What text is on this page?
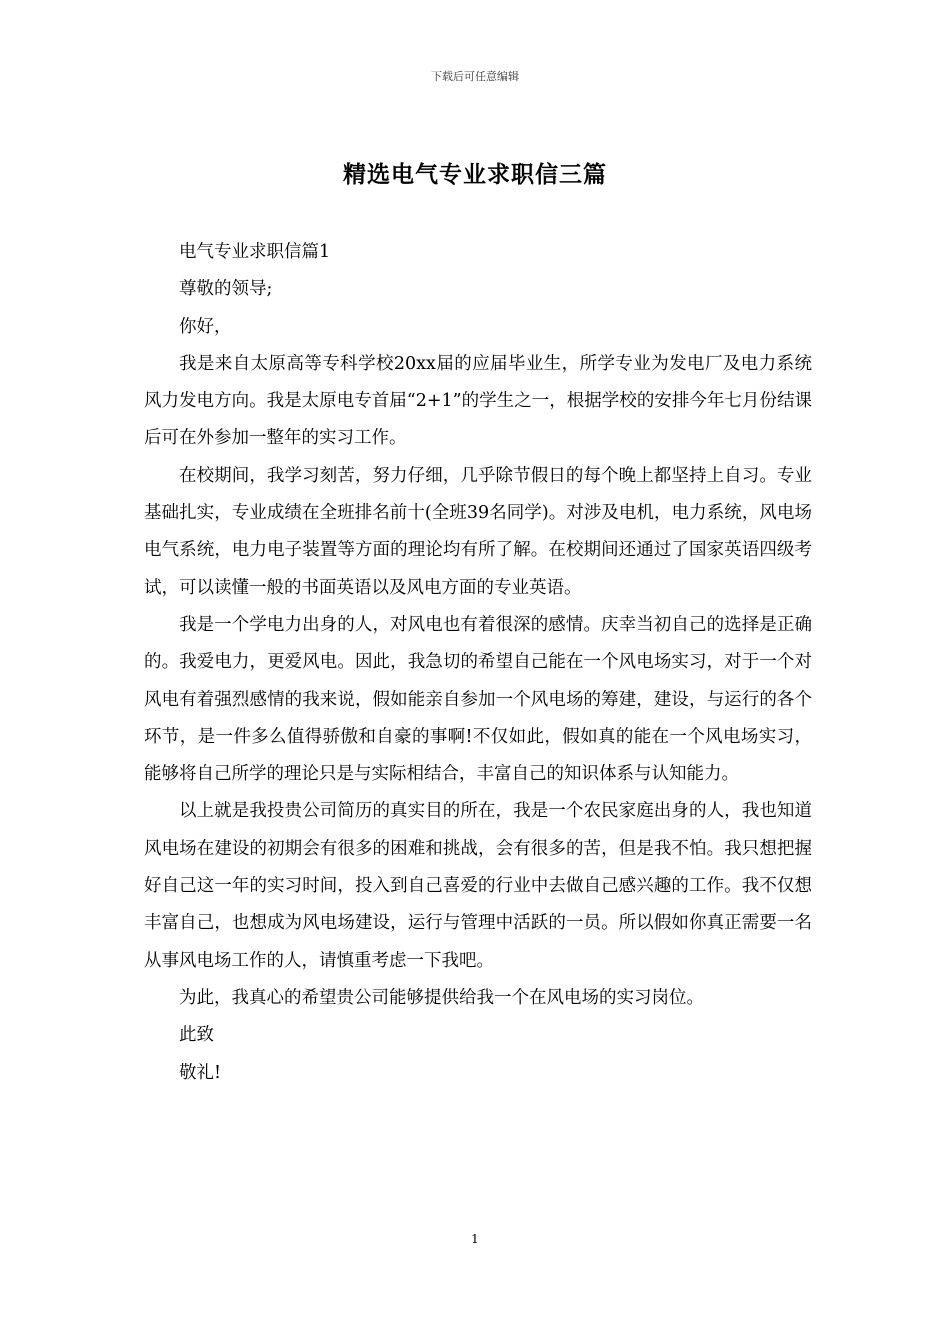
下载后可任意编辑
精选电气专业求职信三篇

电气专业求职信篇1

尊敬的领导;

你好，

我是来自太原高等专科学校20xx届的应届毕业生，所学专业为发电厂及电力系统风力发电方向。我是太原电专首届“2+1”的学生之一，根据学校的安排今年七月份结课后可在外参加一整年的实习工作。

在校期间，我学习刻苦，努力仔细，几乎除节假日的每个晚上都坚持上自习。专业基础扎实，专业成绩在全班排名前十(全班39名同学)。对涉及电机，电力系统，风电场电气系统，电力电子装置等方面的理论均有所了解。在校期间还通过了国家英语四级考试，可以读懂一般的书面英语以及风电方面的专业英语。

我是一个学电力出身的人，对风电也有着很深的感情。庆幸当初自己的选择是正确的。我爱电力，更爱风电。因此，我急切的希望自己能在一个风电场实习，对于一个对风电有着强烈感情的我来说，假如能亲自参加一个风电场的筹建，建设，与运行的各个环节，是一件多么值得骄傲和自豪的事啊!不仅如此，假如真的能在一个风电场实习，能够将自己所学的理论只是与实际相结合，丰富自己的知识体系与认知能力。

以上就是我投贵公司简历的真实目的所在，我是一个农民家庭出身的人，我也知道风电场在建设的初期会有很多的困难和挑战，会有很多的苦，但是我不怕。我只想把握好自己这一年的实习时间，投入到自己喜爱的行业中去做自己感兴趣的工作。我不仅想丰富自己，也想成为风电场建设，运行与管理中活跃的一员。所以假如你真正需要一名从事风电场工作的人，请慎重考虑一下我吧。

为此，我真心的希望贵公司能够提供给我一个在风电场的实习岗位。

此致

敬礼!

1
